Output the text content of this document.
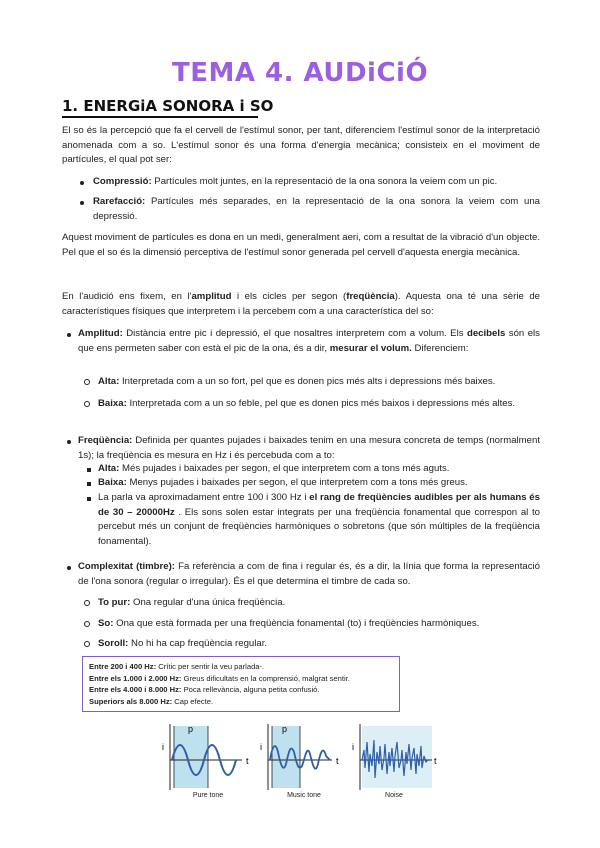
TEMA 4. AUDiCiÓ
1. ENERGiA SONORA i SO

El so és la percepció que fa el cervell de l'estímul sonor, per tant, diferenciem l'estímul sonor de la interpretació anomenada com a so. L'estímul sonor és una forma d'energia mecànica; consisteix en el moviment de partícules, el qual pot ser:

Compressió: Partícules molt juntes, en la representació de la ona sonora la veiem com un pic.

Rarefacció: Partícules més separades, en la representació de la ona sonora la veiem com una depressió.

Aquest moviment de partícules es dona en un medi, generalment aeri, com a resultat de la vibració d'un objecte. Pel que el so és la dimensió perceptiva de l'estímul sonor generada pel cervell d'aquesta energia mecànica.

En l'audició ens fixem, en l'amplitud i els cicles per segon (freqüència). Aquesta ona té una sèrie de característiques físiques que interpretem i la percebem com a una característica del so:

Amplitud: Distància entre pic i depressió, el que nosaltres interpretem com a volum. Els decibels són els que ens permeten saber con està el pic de la ona, és a dir, mesurar el volum. Diferenciem:

Alta: Interpretada com a un so fort, pel que es donen pics més alts i depressions més baixes.

Baixa: Interpretada com a un so feble, pel que es donen pics més baixos i depressions més altes.

Freqüència: Definida per quantes pujades i baixades tenim en una mesura concreta de temps (normalment 1s); la freqüència es mesura en Hz i és percebuda com a to:

Alta: Més pujades i baixades per segon, el que interpretem com a tons més aguts.

Baixa: Menys pujades i baixades per segon, el que interpretem com a tons més greus.

La parla va aproximadament entre 100 i 300 Hz i el rang de freqüències audibles per als humans és de 30 – 20000Hz . Els sons solen estar integrats per una freqüència fonamental que correspon al to percebut més un conjunt de freqüències harmòniques o sobretons (que són múltiples de la freqüència fonamental).

Complexitat (timbre): Fa referència a com de fina i regular és, és a dir, la línia que forma la representació de l'ona sonora (regular o irregular). És el que determina el timbre de cada so.

To pur: Ona regular d'una única freqüència.

So: Ona que està formada per una freqüència fonamental (to) i freqüències harmòniques.

Soroll: No hi ha cap freqüència regular.

Entre 200 i 400 Hz: Crític per sentir la veu parlada-.
Entre els 1.000 i 2.000 Hz: Greus dificultats en la comprensió, malgrat sentir.
Entre els 4.000 i 8.000 Hz: Poca rellevància, alguna petita confusió.
Superiors als 8.000 Hz: Cap efecte.
i
t
p
Pure tone
i
t
p
Music tone
i
t
Noise
